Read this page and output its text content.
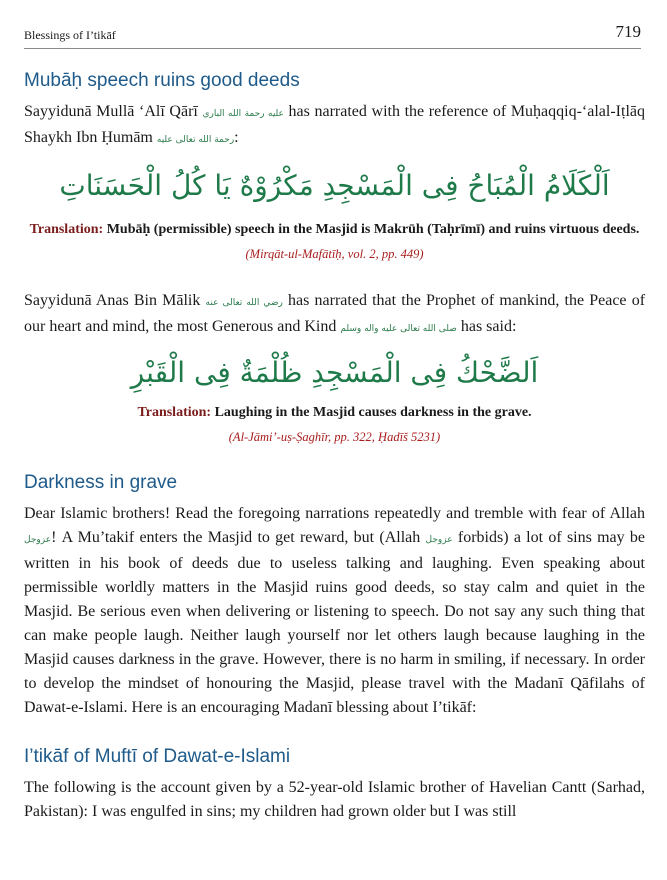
Blessings of I’tikāf	719
Mubāḥ speech ruins good deeds

Sayyidunā Mullā ‘Alī Qārī عليه رحمة الله الباري has narrated with the reference of Muḥaqqiq-‘alal-Iṭlāq Shaykh Ibn Ḥumām رحمة الله تعالى عليه:

اَلْكَلَامُ الْمُبَاحُ فِى الْمَسْجِدِ مَكْرُوْهٌ يَا كُلُ الْحَسَنَاتِ
Translation: Mubāḥ (permissible) speech in the Masjid is Makrūh (Taḥrīmī) and ruins virtuous deeds. (Mirqāt-ul-Mafātīḥ, vol. 2, pp. 449)

Sayyidunā Anas Bin Mālik رضي الله تعالى عنه has narrated that the Prophet of mankind, the Peace of our heart and mind, the most Generous and Kind صلى الله تعالى عليه واله وسلم has said:

اَلضَّحْكُ فِى الْمَسْجِدِ ظُلْمَةٌ فِى الْقَبْرِ
Translation: Laughing in the Masjid causes darkness in the grave.
(Al-Jāmi’-uṣ-Ṣaghīr, pp. 322, Ḥadīš 5231)
Darkness in grave

Dear Islamic brothers! Read the foregoing narrations repeatedly and tremble with fear of Allah عزوجل! A Mu’takif enters the Masjid to get reward, but (Allah عزوجل forbids) a lot of sins may be written in his book of deeds due to useless talking and laughing. Even speaking about permissible worldly matters in the Masjid ruins good deeds, so stay calm and quiet in the Masjid. Be serious even when delivering or listening to speech. Do not say any such thing that can make people laugh. Neither laugh yourself nor let others laugh because laughing in the Masjid causes darkness in the grave. However, there is no harm in smiling, if necessary. In order to develop the mindset of honouring the Masjid, please travel with the Madanī Qāfilahs of Dawat-e-Islami. Here is an encouraging Madanī blessing about I’tikāf:

I’tikāf of Muftī of Dawat-e-Islami

The following is the account given by a 52-year-old Islamic brother of Havelian Cantt (Sarhad, Pakistan): I was engulfed in sins; my children had grown older but I was still
